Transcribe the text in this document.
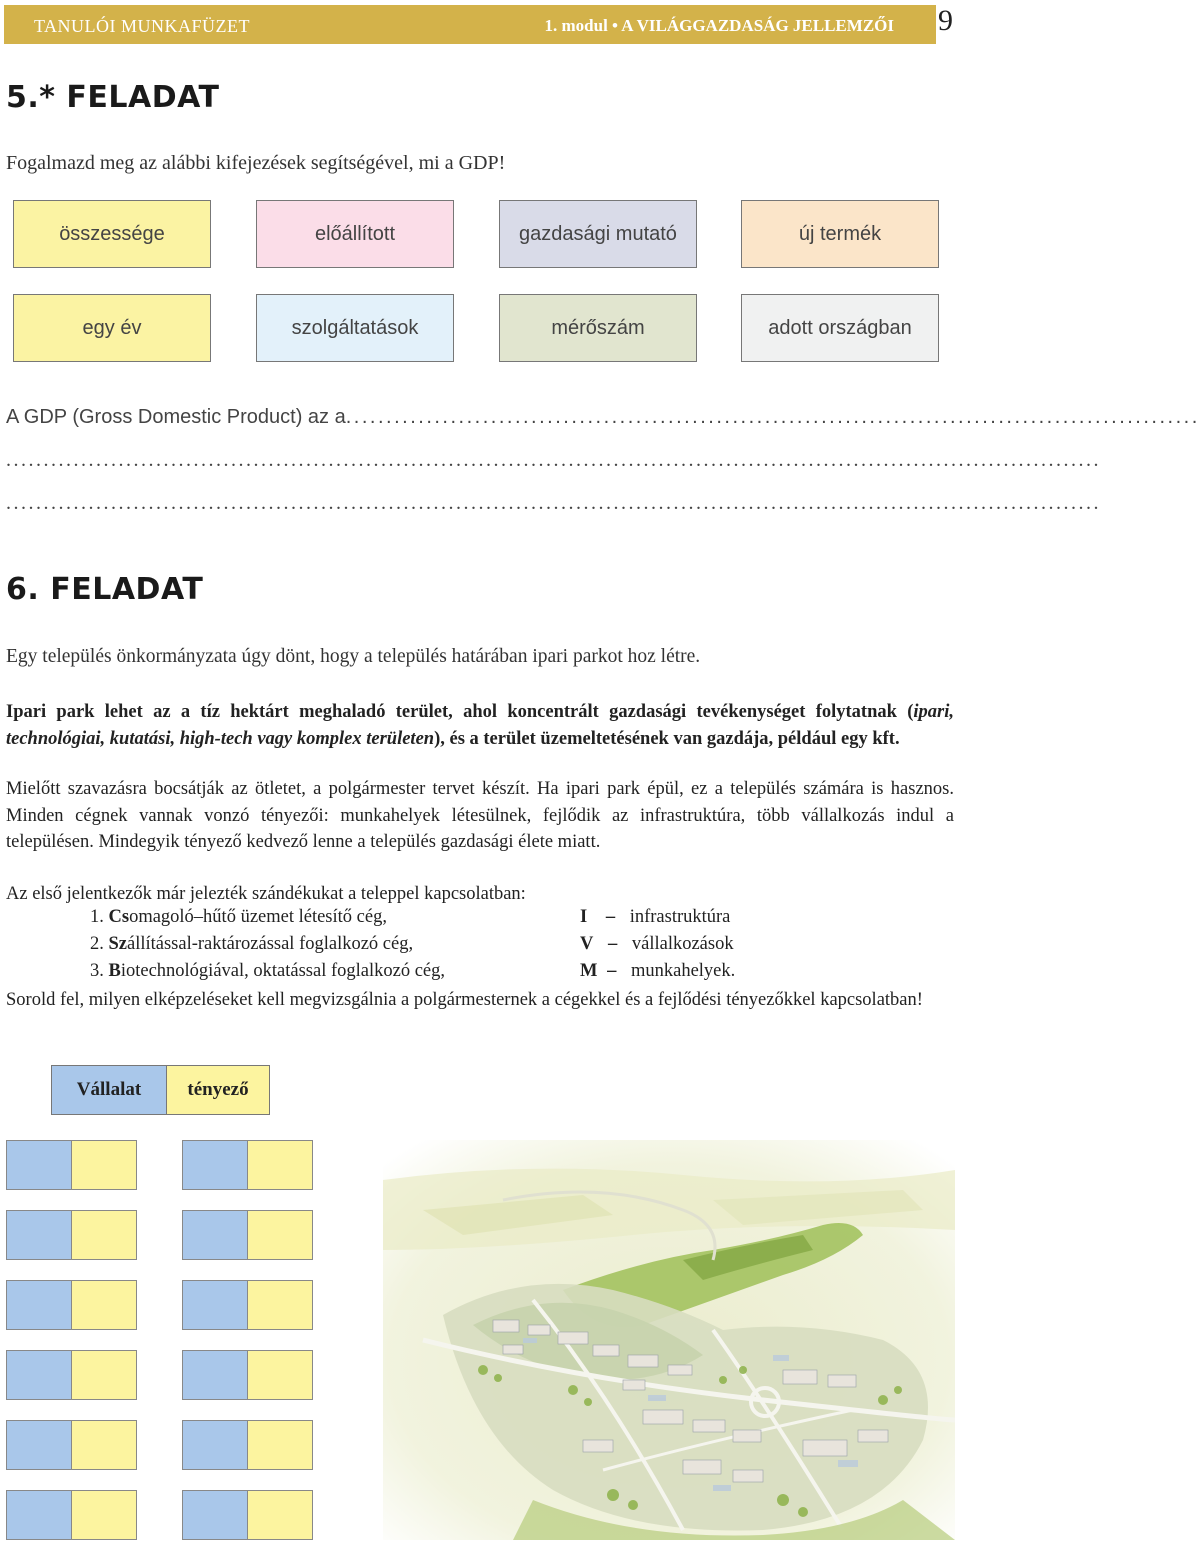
TANULÓI MUNKAFÜZET	1. modul • A VILÁGGAZDASÁG JELLEMZŐI 9
5.* FELADAT
Fogalmazd meg az alábbi kifejezések segítségével, mi a GDP!
összessége	előállított	gazdasági mutató	új termék
egy év	szolgáltatások	mérőszám	adott országban
A GDP (Gross Domestic Product) az a..........................................................................................................
..................................................................................................................................................
..................................................................................................................................................
6. FELADAT
Egy település önkormányzata úgy dönt, hogy a település határában ipari parkot hoz létre.
Ipari park lehet az a tíz hektárt meghaladó terület, ahol koncentrált gazdasági tevékenységet folytatnak (ipari, technológiai, kutatási, high-tech vagy komplex területen), és a terület üzemeltetésének van gazdája, például egy kft.
Mielőtt szavazásra bocsátják az ötletet, a polgármester tervet készít. Ha ipari park épül, ez a település számára is hasznos. Minden cégnek vannak vonzó tényezői: munkahelyek létesülnek, fejlődik az infrastruktúra, több vállalkozás indul a településen. Mindegyik tényező kedvező lenne a település gazdasági élete miatt.
Az első jelentkezők már jelezték szándékukat a teleppel kapcsolatban:
1. Csomagoló–hűtő üzemet létesítő cég,	I – infrastruktúra
2. Szállítással-raktározással foglalkozó cég,	V – vállalkozások
3. Biotechnológiával, oktatással foglalkozó cég,	M – munkahelyek.
Sorold fel, milyen elképzeléseket kell megvizsgálnia a polgármesternek a cégekkel és a fejlődési tényezőkkel kapcsolatban!
Vállalat tényező
